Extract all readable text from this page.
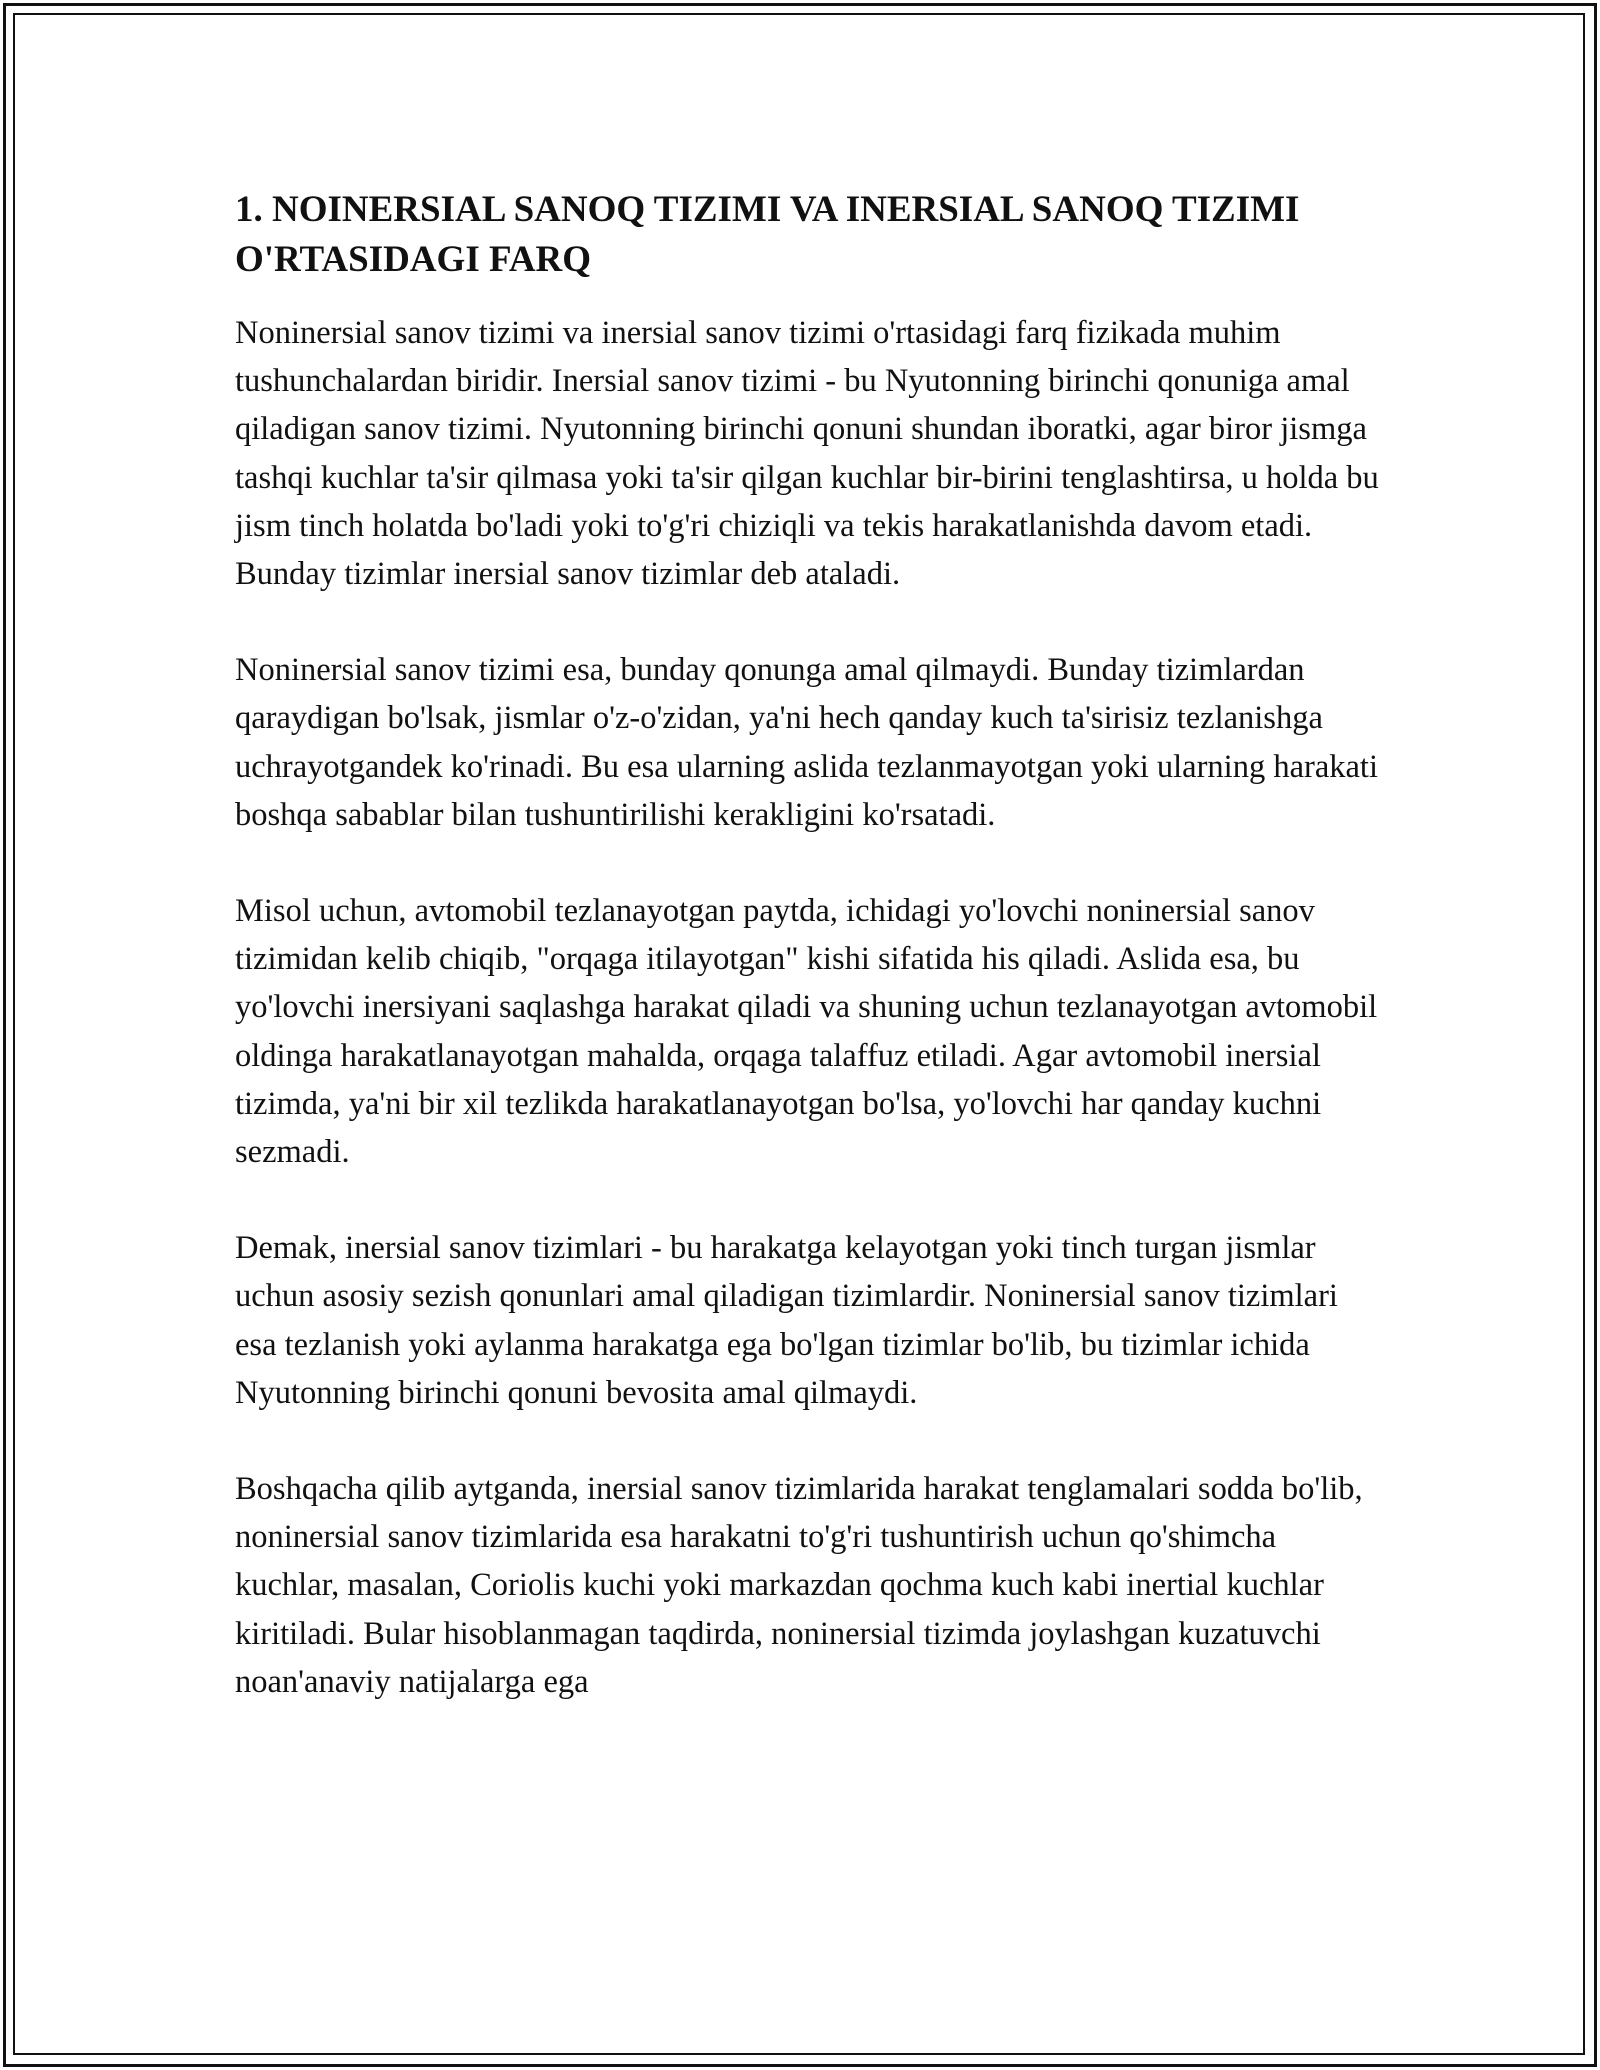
1. NOINERSIAL SANOQ TIZIMI VA INERSIAL SANOQ TIZIMI O'RTASIDAGI FARQ

Noninersial sanov tizimi va inersial sanov tizimi o'rtasidagi farq fizikada muhim tushunchalardan biridir. Inersial sanov tizimi - bu Nyutonning birinchi qonuniga amal qiladigan sanov tizimi. Nyutonning birinchi qonuni shundan iboratki, agar biror jismga tashqi kuchlar ta'sir qilmasa yoki ta'sir qilgan kuchlar bir-birini tenglashtirsa, u holda bu jism tinch holatda bo'ladi yoki to'g'ri chiziqli va tekis harakatlanishda davom etadi. Bunday tizimlar inersial sanov tizimlar deb ataladi.

Noninersial sanov tizimi esa, bunday qonunga amal qilmaydi. Bunday tizimlardan qaraydigan bo'lsak, jismlar o'z-o'zidan, ya'ni hech qanday kuch ta'sirisiz tezlanishga uchrayotgandek ko'rinadi. Bu esa ularning aslida tezlanmayotgan yoki ularning harakati boshqa sabablar bilan tushuntirilishi kerakligini ko'rsatadi.

Misol uchun, avtomobil tezlanayotgan paytda, ichidagi yo'lovchi noninersial sanov tizimidan kelib chiqib, "orqaga itilayotgan" kishi sifatida his qiladi. Aslida esa, bu yo'lovchi inersiyani saqlashga harakat qiladi va shuning uchun tezlanayotgan avtomobil oldinga harakatlanayotgan mahalda, orqaga talaffuz etiladi. Agar avtomobil inersial tizimda, ya'ni bir xil tezlikda harakatlanayotgan bo'lsa, yo'lovchi har qanday kuchni sezmadi.

Demak, inersial sanov tizimlari - bu harakatga kelayotgan yoki tinch turgan jismlar uchun asosiy sezish qonunlari amal qiladigan tizimlardir. Noninersial sanov tizimlari esa tezlanish yoki aylanma harakatga ega bo'lgan tizimlar bo'lib, bu tizimlar ichida Nyutonning birinchi qonuni bevosita amal qilmaydi.

Boshqacha qilib aytganda, inersial sanov tizimlarida harakat tenglamalari sodda bo'lib, noninersial sanov tizimlarida esa harakatni to'g'ri tushuntirish uchun qo'shimcha kuchlar, masalan, Coriolis kuchi yoki markazdan qochma kuch kabi inertial kuchlar kiritiladi. Bular hisoblanmagan taqdirda, noninersial tizimda joylashgan kuzatuvchi noan'anaviy natijalarga ega
